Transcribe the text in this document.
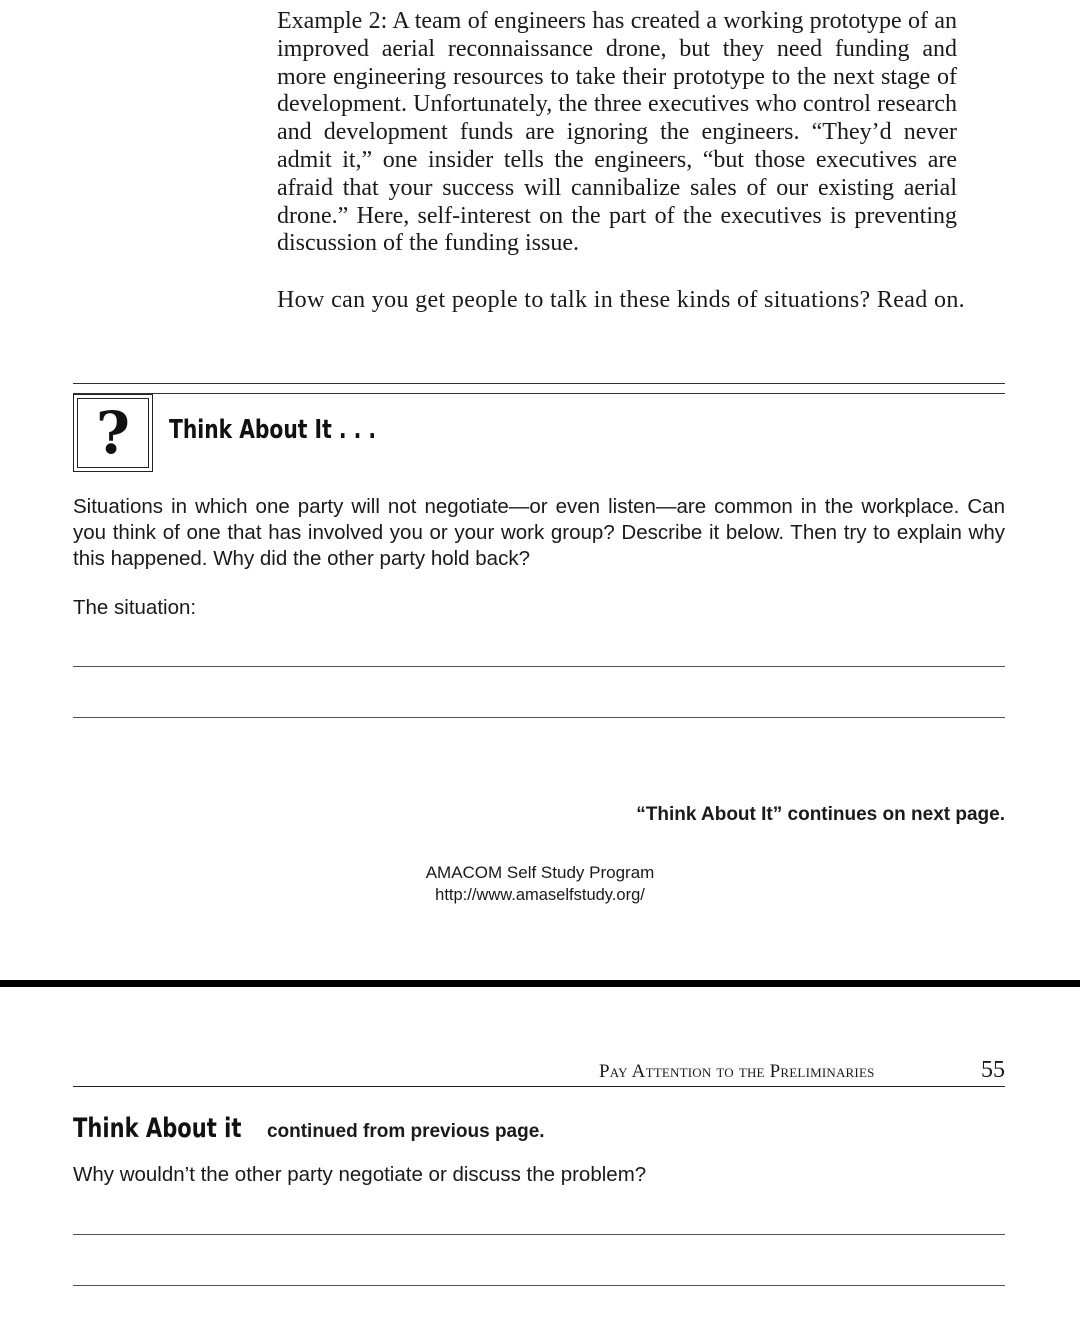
Example 2: A team of engineers has created a working prototype of an improved aerial reconnaissance drone, but they need funding and more engineering resources to take their prototype to the next stage of development. Unfortunately, the three executives who control research and development funds are ignoring the engineers. “They’d never admit it,” one insider tells the engineers, “but those executives are afraid that your success will cannibalize sales of our existing aerial drone.” Here, self-interest on the part of the executives is preventing discussion of the funding issue.

How can you get people to talk in these kinds of situations? Read on.

? Think About It . . .

Situations in which one party will not negotiate—or even listen—are common in the workplace. Can you think of one that has involved you or your work group? Describe it below. Then try to explain why this happened. Why did the other party hold back?

The situation:

“Think About It” continues on next page.

AMACOM Self Study Program

http://www.amaselfstudy.org/

Pay Attention to the Preliminaries	55
Think About it continued from previous page.

Why wouldn’t the other party negotiate or discuss the problem?
